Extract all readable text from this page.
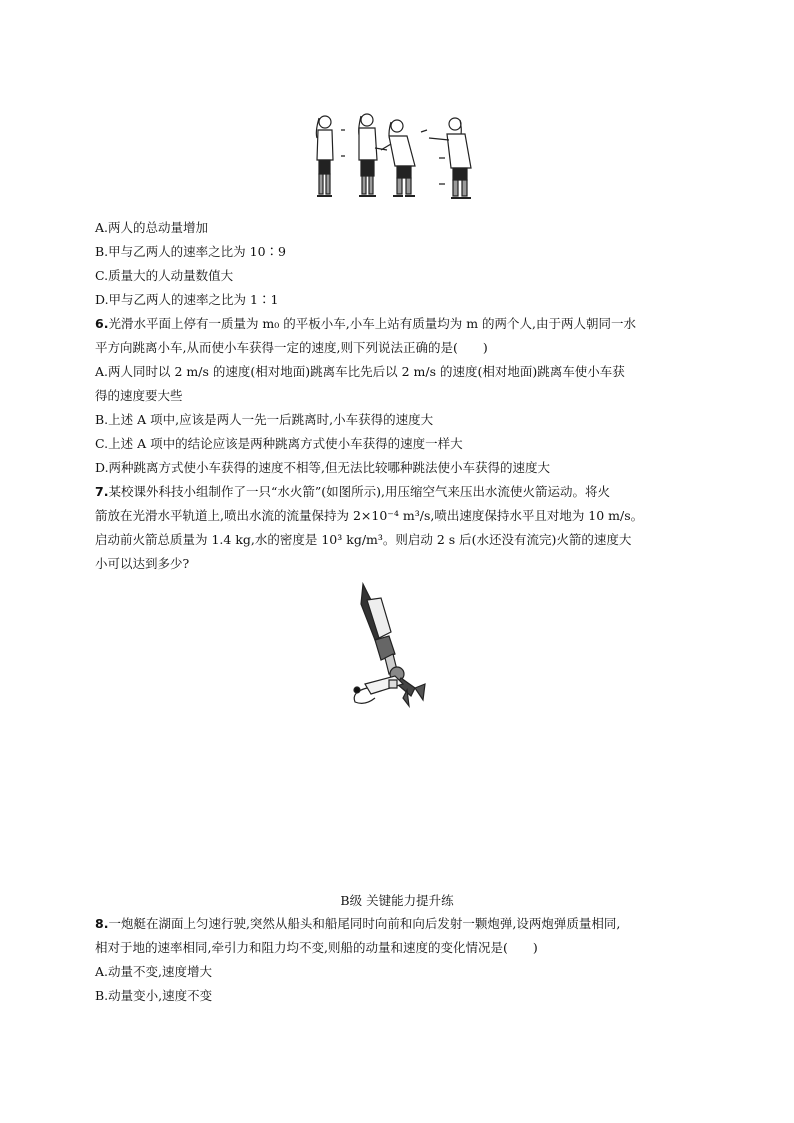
A.两人的总动量增加
B.甲与乙两人的速率之比为 10∶9
C.质量大的人动量数值大
D.甲与乙两人的速率之比为 1∶1
6.光滑水平面上停有一质量为 m₀ 的平板小车,小车上站有质量均为 m 的两个人,由于两人朝同一水
平方向跳离小车,从而使小车获得一定的速度,则下列说法正确的是(　　)
A.两人同时以 2 m/s 的速度(相对地面)跳离车比先后以 2 m/s 的速度(相对地面)跳离车使小车获
得的速度要大些
B.上述 A 项中,应该是两人一先一后跳离时,小车获得的速度大
C.上述 A 项中的结论应该是两种跳离方式使小车获得的速度一样大
D.两种跳离方式使小车获得的速度不相等,但无法比较哪种跳法使小车获得的速度大
7.某校课外科技小组制作了一只“水火箭”(如图所示),用压缩空气来压出水流使火箭运动。将火
箭放在光滑水平轨道上,喷出水流的流量保持为 2×10⁻⁴ m³/s,喷出速度保持水平且对地为 10 m/s。
启动前火箭总质量为 1.4 kg,水的密度是 10³ kg/m³。则启动 2 s 后(水还没有流完)火箭的速度大
小可以达到多少?
B级 关键能力提升练
8.一炮艇在湖面上匀速行驶,突然从船头和船尾同时向前和向后发射一颗炮弹,设两炮弹质量相同,
相对于地的速率相同,牵引力和阻力均不变,则船的动量和速度的变化情况是(　　)
A.动量不变,速度增大
B.动量变小,速度不变
